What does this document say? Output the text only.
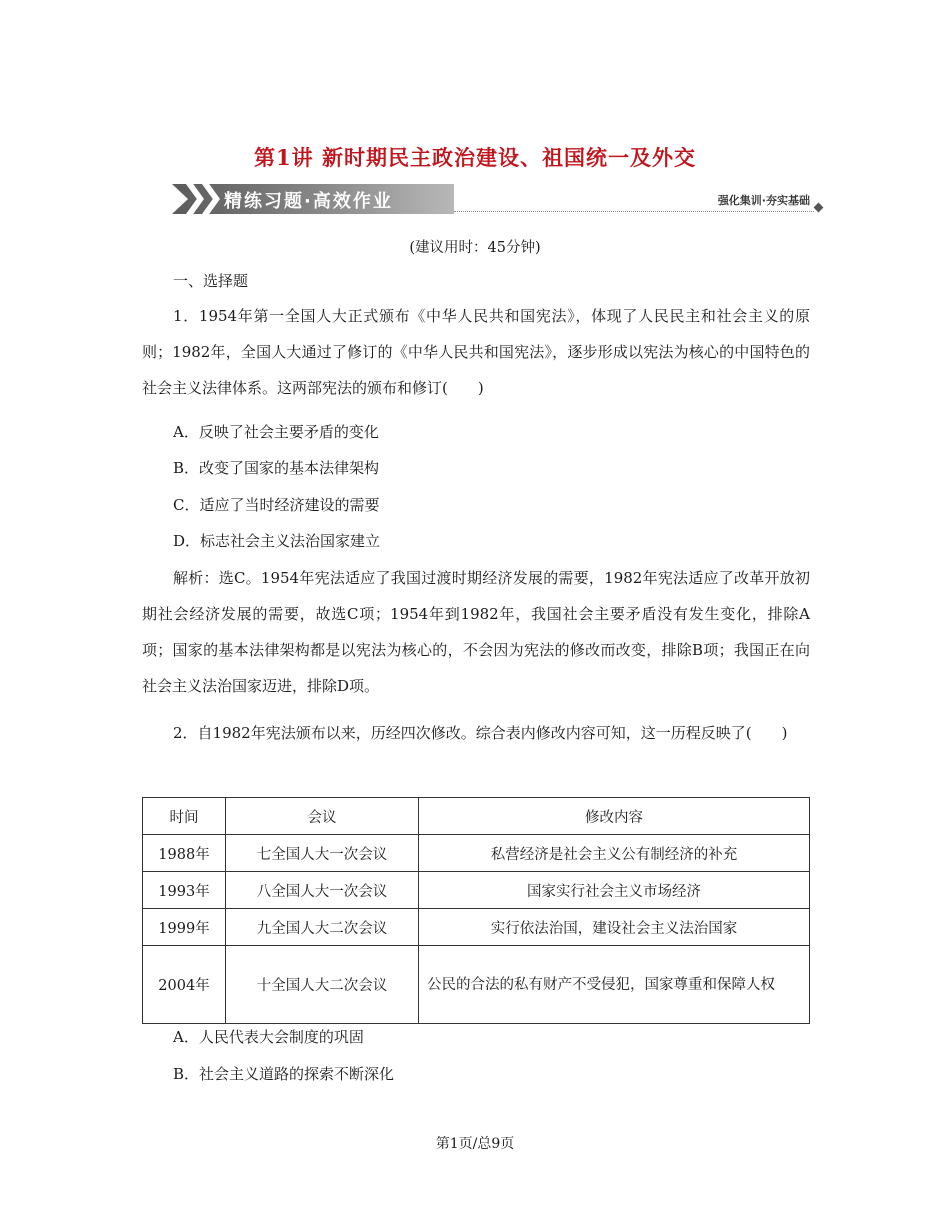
第1讲 新时期民主政治建设、祖国统一及外交
精练习题·高效作业	强化集训·夯实基础
(建议用时：45分钟)
一、选择题
1．1954年第一全国人大正式颁布《中华人民共和国宪法》，体现了人民民主和社会主义的原则；1982年，全国人大通过了修订的《中华人民共和国宪法》，逐步形成以宪法为核心的中国特色的社会主义法律体系。这两部宪法的颁布和修订(　　)
A．反映了社会主要矛盾的变化
B．改变了国家的基本法律架构
C．适应了当时经济建设的需要
D．标志社会主义法治国家建立
解析：选C。1954年宪法适应了我国过渡时期经济发展的需要，1982年宪法适应了改革开放初期社会经济发展的需要，故选C项；1954年到1982年，我国社会主要矛盾没有发生变化，排除A项；国家的基本法律架构都是以宪法为核心的，不会因为宪法的修改而改变，排除B项；我国正在向社会主义法治国家迈进，排除D项。
2．自1982年宪法颁布以来，历经四次修改。综合表内修改内容可知，这一历程反映了(　　)
时间	会议	修改内容
1988年	七全国人大一次会议	私营经济是社会主义公有制经济的补充
1993年	八全国人大一次会议	国家实行社会主义市场经济
1999年	九全国人大二次会议	实行依法治国，建设社会主义法治国家
2004年	十全国人大二次会议	公民的合法的私有财产不受侵犯，国家尊重和保障人权
A．人民代表大会制度的巩固
B．社会主义道路的探索不断深化
第1页/总9页
